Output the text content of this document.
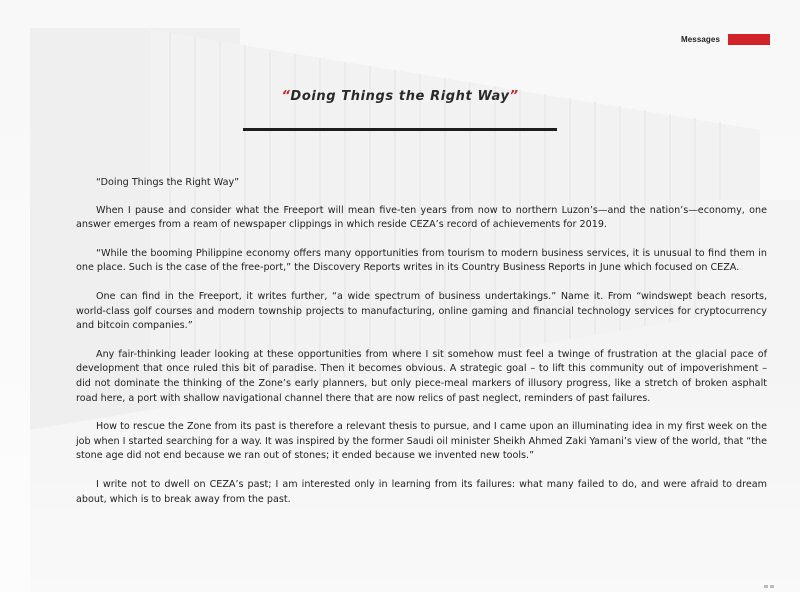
Messages
“Doing Things the Right Way”

“Doing Things the Right Way”

When I pause and consider what the Freeport will mean five-ten years from now to northern Luzon’s—and the nation’s—economy, one answer emerges from a ream of newspaper clippings in which reside CEZA’s record of achievements for 2019.

“While the booming Philippine economy offers many opportunities from tourism to modern business services, it is unusual to find them in one place. Such is the case of the free-port,” the Discovery Reports writes in its Country Business Reports in June which focused on CEZA.

One can find in the Freeport, it writes further, “a wide spectrum of business undertakings.” Name it. From “windswept beach resorts, world-class golf courses and modern township projects to manufacturing, online gaming and financial technology services for cryptocurrency and bitcoin companies.”

Any fair-thinking leader looking at these opportunities from where I sit somehow must feel a twinge of frustration at the glacial pace of development that once ruled this bit of paradise. Then it becomes obvious. A strategic goal – to lift this community out of impoverishment – did not dominate the thinking of the Zone’s early planners, but only piece-meal markers of illusory progress, like a stretch of broken asphalt road here, a port with shallow navigational channel there that are now relics of past neglect, reminders of past failures.

How to rescue the Zone from its past is therefore a relevant thesis to pursue, and I came upon an illuminating idea in my first week on the job when I started searching for a way. It was inspired by the former Saudi oil minister Sheikh Ahmed Zaki Yamani’s view of the world, that “the stone age did not end because we ran out of stones; it ended because we invented new tools.”

I write not to dwell on CEZA’s past; I am interested only in learning from its failures: what many failed to do, and were afraid to dream about, which is to break away from the past.
